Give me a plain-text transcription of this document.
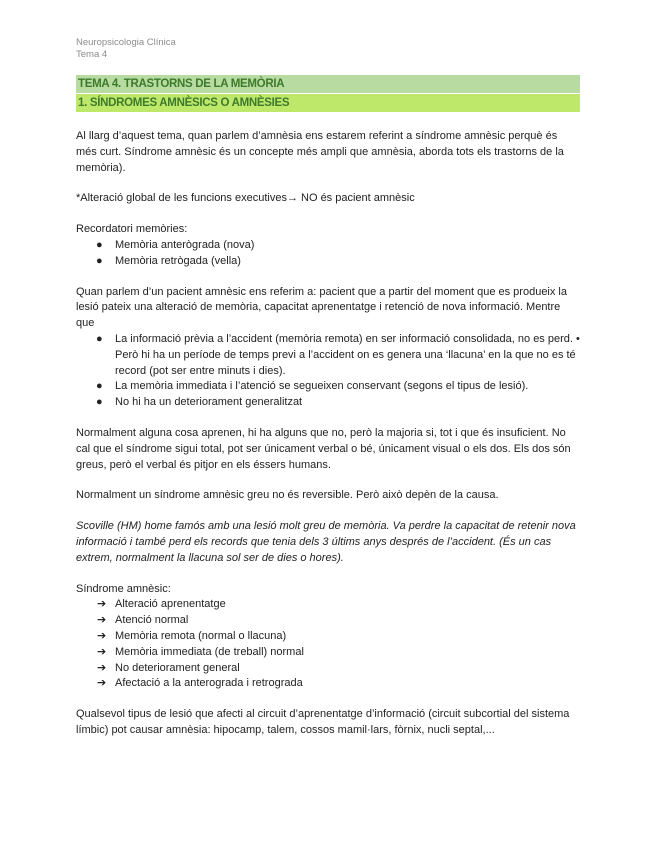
Neuropsicologia Clínica
Tema 4
TEMA 4. TRASTORNS DE LA MEMÒRIA
1. SÍNDROMES AMNÈSICS O AMNÈSIES

Al llarg d’aquest tema, quan parlem d’amnèsia ens estarem referint a síndrome amnèsic perquè és més curt. Síndrome amnèsic és un concepte més ampli que amnèsia, aborda tots els trastorns de la memòria).

*Alteració global de les funcions executives→ NO és pacient amnèsic

Recordatori memòries:

● Memòria anterògrada (nova)
● Memòria retrògada (vella)

Quan parlem d’un pacient amnèsic ens referim a: pacient que a partir del moment que es produeix la lesió pateix una alteració de memòria, capacitat aprenentatge i retenció de nova informació. Mentre que

● La informació prèvia a l’accident (memòria remota) en ser informació consolidada, no es perd. • Però hi ha un període de temps previ a l’accident on es genera una ‘llacuna’ en la que no es té record (pot ser entre minuts i dies).
● La memòria immediata i l’atenció se segueixen conservant (segons el tipus de lesió).
● No hi ha un deteriorament generalitzat

Normalment alguna cosa aprenen, hi ha alguns que no, però la majoria si, tot i que és insuficient. No cal que el síndrome sigui total, pot ser únicament verbal o bé, únicament visual o els dos. Els dos són greus, però el verbal és pitjor en els éssers humans.

Normalment un síndrome amnèsic greu no és reversible. Però això depèn de la causa.

Scoville (HM) home famós amb una lesió molt greu de memòria. Va perdre la capacitat de retenir nova informació i també perd els records que tenia dels 3 últims anys després de l’accident. (És un cas extrem, normalment la llacuna sol ser de dies o hores).

Síndrome amnèsic:

➔ Alteració aprenentatge
➔ Atenció normal
➔ Memòria remota (normal o llacuna)
➔ Memòria immediata (de treball) normal
➔ No deteriorament general
➔ Afectació a la anterograda i retrograda

Qualsevol tipus de lesió que afecti al circuit d’aprenentatge d’informació (circuit subcortial del sistema límbic) pot causar amnèsia: hipocamp, talem, cossos mamil·lars, fòrnix, nucli septal,...
